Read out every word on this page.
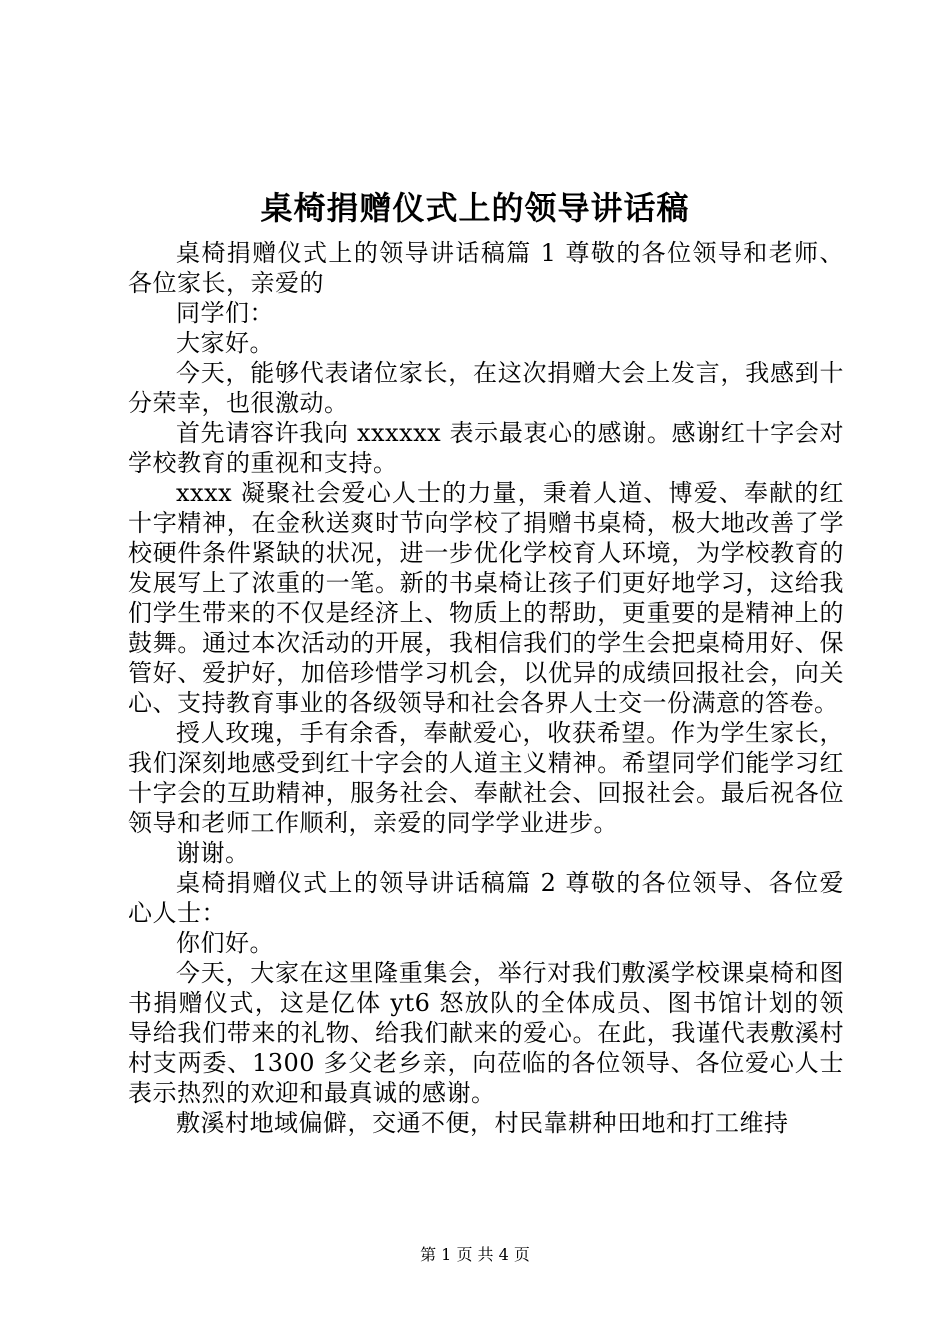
桌椅捐赠仪式上的领导讲话稿

桌椅捐赠仪式上的领导讲话稿篇 1 尊敬的各位领导和老师、各位家长，亲爱的

同学们：

大家好。

今天，能够代表诸位家长，在这次捐赠大会上发言，我感到十分荣幸，也很激动。

首先请容许我向 xxxxxx 表示最衷心的感谢。感谢红十字会对学校教育的重视和支持。

xxxx 凝聚社会爱心人士的力量，秉着人道、博爱、奉献的红十字精神，在金秋送爽时节向学校了捐赠书桌椅，极大地改善了学校硬件条件紧缺的状况，进一步优化学校育人环境，为学校教育的发展写上了浓重的一笔。新的书桌椅让孩子们更好地学习，这给我们学生带来的不仅是经济上、物质上的帮助，更重要的是精神上的鼓舞。通过本次活动的开展，我相信我们的学生会把桌椅用好、保管好、爱护好，加倍珍惜学习机会，以优异的成绩回报社会，向关心、支持教育事业的各级领导和社会各界人士交一份满意的答卷。

授人玫瑰，手有余香，奉献爱心，收获希望。作为学生家长，我们深刻地感受到红十字会的人道主义精神。希望同学们能学习红十字会的互助精神，服务社会、奉献社会、回报社会。最后祝各位领导和老师工作顺利，亲爱的同学学业进步。

谢谢。

桌椅捐赠仪式上的领导讲话稿篇 2 尊敬的各位领导、各位爱心人士：

你们好。

今天，大家在这里隆重集会，举行对我们敷溪学校课桌椅和图书捐赠仪式，这是亿体 yt6 怒放队的全体成员、图书馆计划的领导给我们带来的礼物、给我们献来的爱心。在此，我谨代表敷溪村村支两委、1300 多父老乡亲，向莅临的各位领导、各位爱心人士表示热烈的欢迎和最真诚的感谢。

敷溪村地域偏僻，交通不便，村民靠耕种田地和打工维持

第 1 页 共 4 页
